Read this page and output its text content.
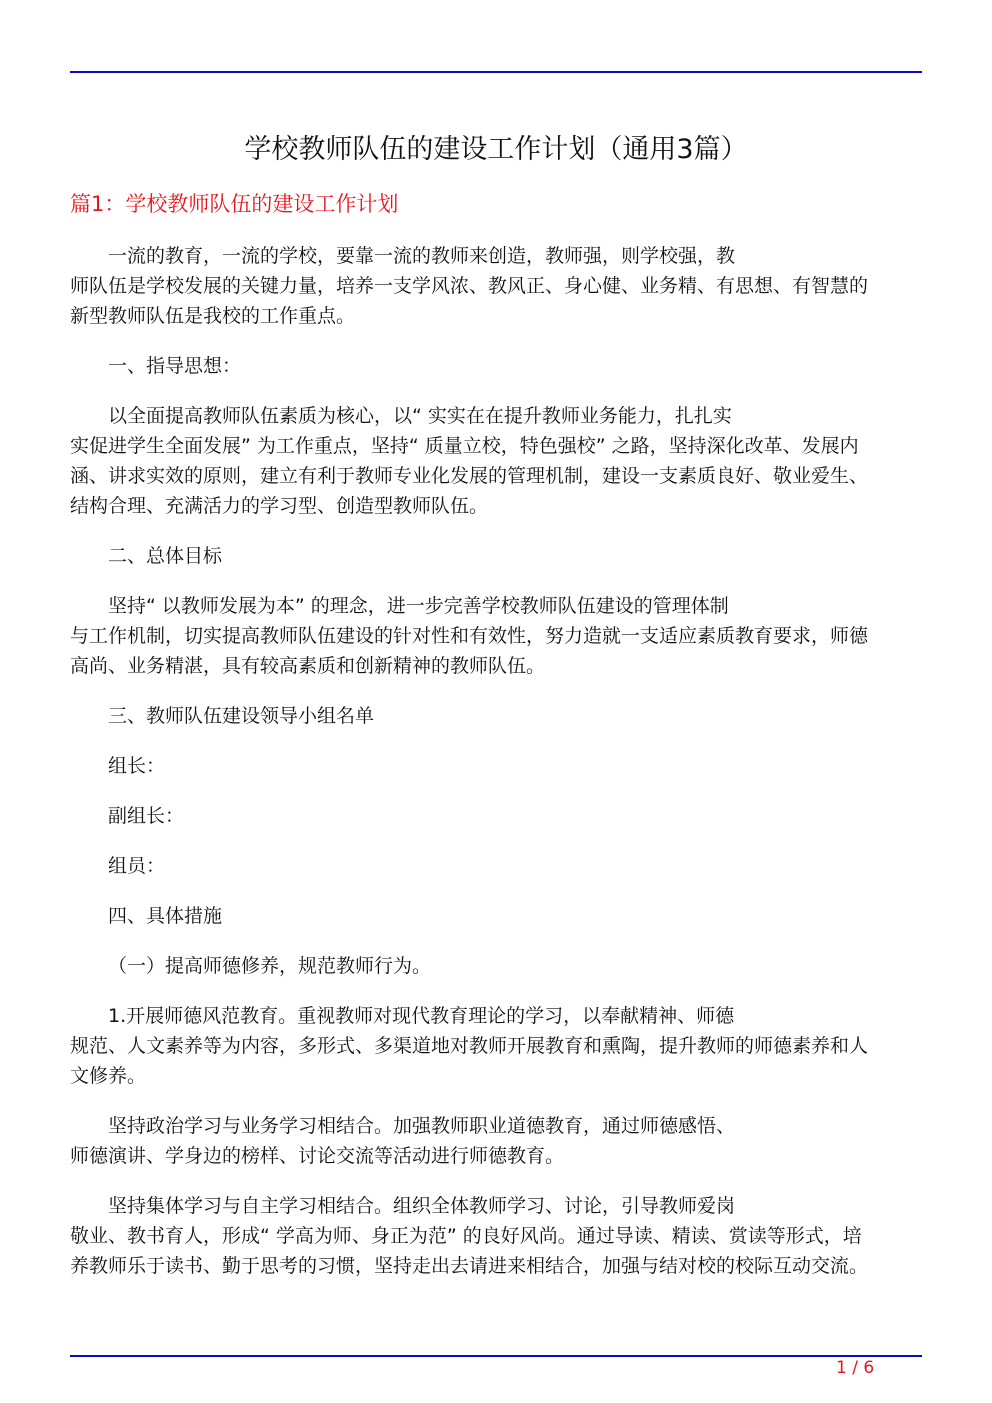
学校教师队伍的建设工作计划（通用3篇）
篇1：学校教师队伍的建设工作计划
一流的教育，一流的学校，要靠一流的教师来创造，教师强，则学校强，教
师队伍是学校发展的关键力量，培养一支学风浓、教风正、身心健、业务精、有思想、有智慧的
新型教师队伍是我校的工作重点。
一、指导思想：
以全面提高教师队伍素质为核心，以“ 实实在在提升教师业务能力，扎扎实
实促进学生全面发展” 为工作重点，坚持“ 质量立校，特色强校” 之路，坚持深化改革、发展内
涵、讲求实效的原则，建立有利于教师专业化发展的管理机制，建设一支素质良好、敬业爱生、
结构合理、充满活力的学习型、创造型教师队伍。
二、总体目标
坚持“ 以教师发展为本” 的理念，进一步完善学校教师队伍建设的管理体制
与工作机制，切实提高教师队伍建设的针对性和有效性，努力造就一支适应素质教育要求，师德
高尚、业务精湛，具有较高素质和创新精神的教师队伍。
三、教师队伍建设领导小组名单
组长：
副组长：
组员：
四、具体措施
（一）提高师德修养，规范教师行为。
1.开展师德风范教育。重视教师对现代教育理论的学习，以奉献精神、师德
规范、人文素养等为内容，多形式、多渠道地对教师开展教育和熏陶，提升教师的师德素养和人
文修养。
坚持政治学习与业务学习相结合。加强教师职业道德教育，通过师德感悟、
师德演讲、学身边的榜样、讨论交流等活动进行师德教育。
坚持集体学习与自主学习相结合。组织全体教师学习、讨论，引导教师爱岗
敬业、教书育人，形成“ 学高为师、身正为范” 的良好风尚。通过导读、精读、赏读等形式，培
养教师乐于读书、勤于思考的习惯，坚持走出去请进来相结合，加强与结对校的校际互动交流。
1 / 6
